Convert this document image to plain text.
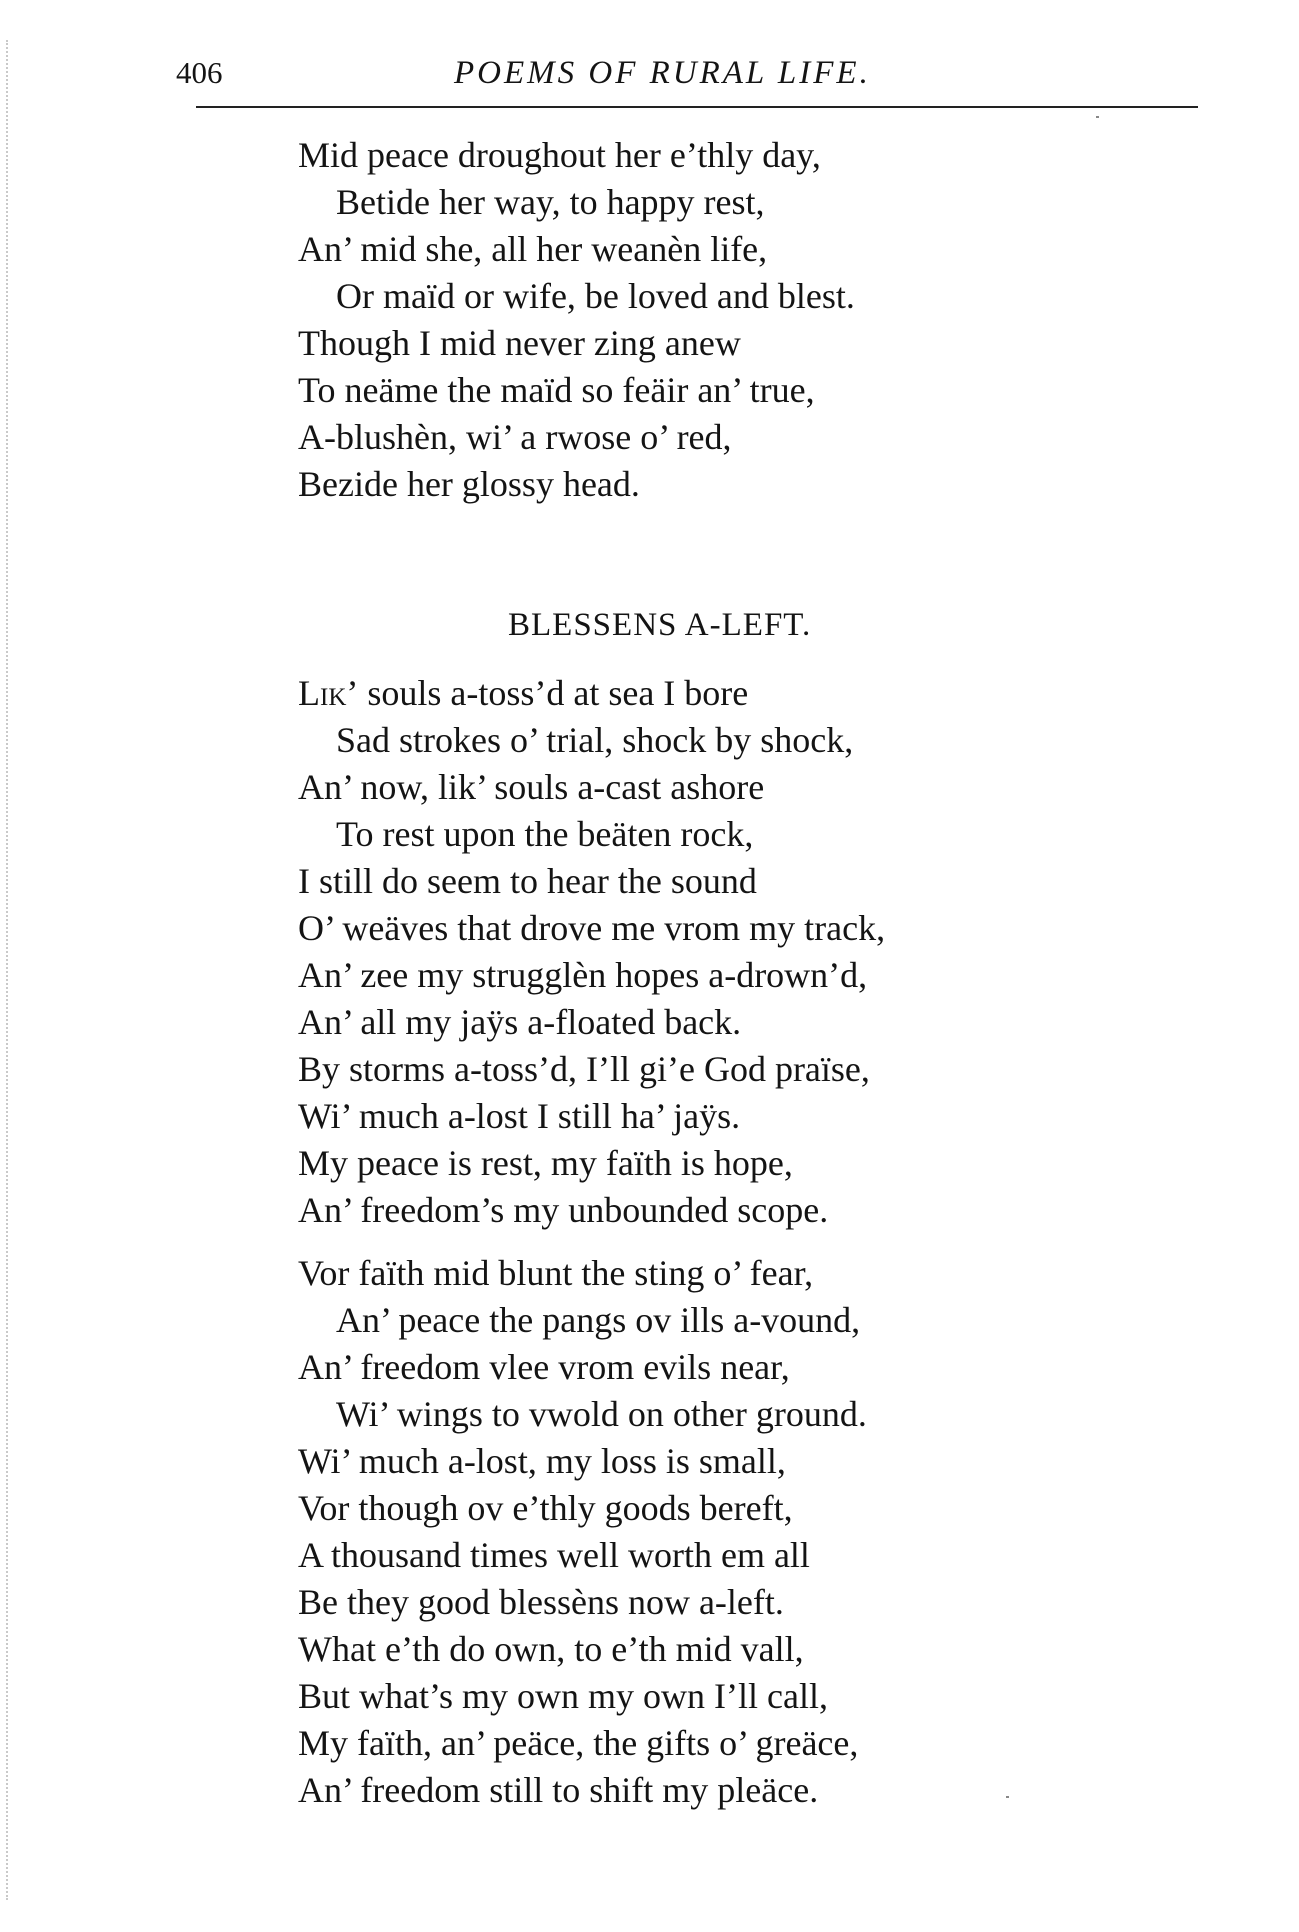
406	POEMS OF RURAL LIFE.
Mid peace droughout her e’thly day,
Betide her way, to happy rest,
An’ mid she, all her weanèn life,
Or maïd or wife, be loved and blest.
Though I mid never zing anew
To neäme the maïd so feäir an’ true,
A-blushèn, wi’ a rwose o’ red,
Bezide her glossy head.
BLESSENS A-LEFT.
Lik’ souls a-toss’d at sea I bore
Sad strokes o’ trial, shock by shock,
An’ now, lik’ souls a-cast ashore
To rest upon the beäten rock,
I still do seem to hear the sound
O’ weäves that drove me vrom my track,
An’ zee my strugglèn hopes a-drown’d,
An’ all my jaÿs a-floated back.
By storms a-toss’d, I’ll gi’e God praïse,
Wi’ much a-lost I still ha’ jaÿs.
My peace is rest, my faïth is hope,
An’ freedom’s my unbounded scope.
Vor faïth mid blunt the sting o’ fear,
An’ peace the pangs ov ills a-vound,
An’ freedom vlee vrom evils near,
Wi’ wings to vwold on other ground.
Wi’ much a-lost, my loss is small,
Vor though ov e’thly goods bereft,
A thousand times well worth em all
Be they good blessèns now a-left.
What e’th do own, to e’th mid vall,
But what’s my own my own I’ll call,
My faïth, an’ peäce, the gifts o’ greäce,
An’ freedom still to shift my pleäce.
